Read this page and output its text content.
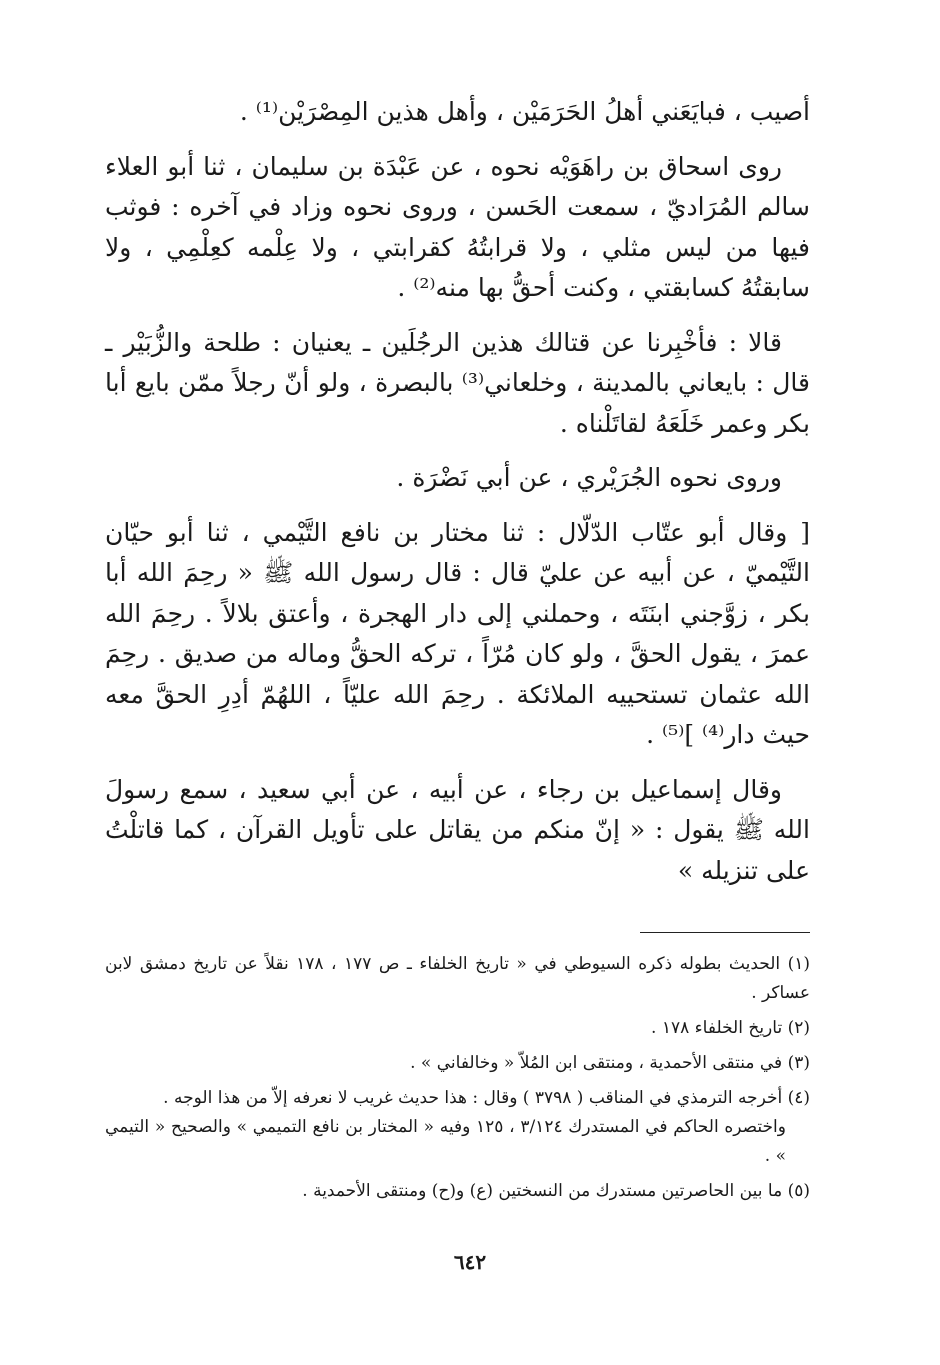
أصيب ، فبايَعَني أهلُ الحَرَمَيْن ، وأهل هذين المِصْرَيْن⁽¹⁾ .

روى اسحاق بن راهَوَيْه نحوه ، عن عَبْدَة بن سليمان ، ثنا أبو العلاء سالم المُرَاديّ ، سمعت الحَسن ، وروى نحوه وزاد في آخره : فوثب فيها من ليس مثلي ، ولا قرابتُهُ كقرابتي ، ولا عِلْمه كعِلْمِي ، ولا سابقتُهُ كسابقتي ، وكنت أحقُّ بها منه⁽²⁾ .

قالا : فأخْبِرنا عن قتالك هذين الرجُلَين ـ يعنيان : طلحة والزُّبَيْر ـ قال : بايعاني بالمدينة ، وخلعاني⁽³⁾ بالبصرة ، ولو أنّ رجلاً ممّن بايع أبا بكر وعمر خَلَعَهُ لقاتَلْناه .

وروى نحوه الجُرَيْري ، عن أبي نَضْرَة .

[ وقال أبو عتّاب الدّلّال : ثنا مختار بن نافع التَّيْمي ، ثنا أبو حيّان التَّيْميّ ، عن أبيه عن عليّ قال : قال رسول الله ﷺ « رحِمَ الله أبا بكر ، زوَّجني ابنَتَه ، وحملني إلى دار الهجرة ، وأعتق بلالاً . رحِمَ الله عمرَ ، يقول الحقَّ ، ولو كان مُرّاً ، تركه الحقُّ وماله من صديق . رحِمَ الله عثمان تستحييه الملائكة . رحِمَ الله عليّاً ، اللهُمّ أدِرِ الحقَّ معه حيث دار⁽⁴⁾ ]⁽⁵⁾ .

وقال إسماعيل بن رجاء ، عن أبيه ، عن أبي سعيد ، سمع رسولَ الله ﷺ يقول : « إنّ منكم من يقاتل على تأويل القرآن ، كما قاتلْتُ على تنزيله »

(١) الحديث بطوله ذكره السيوطي في « تاريخ الخلفاء ـ ص ١٧٧ ، ١٧٨ نقلاً عن تاريخ دمشق لابن عساكر .

(٢) تاريخ الخلفاء ١٧٨ .

(٣) في منتقى الأحمدية ، ومنتقى ابن المُلاّ « وخالفاني » .

(٤) أخرجه الترمذي في المناقب ( ٣٧٩٨ ) وقال : هذا حديث غريب لا نعرفه إلاّ من هذا الوجه .

واختصره الحاكم في المستدرك ٣/١٢٤ ، ١٢٥ وفيه « المختار بن نافع التميمي » والصحيح « التيمي » .

(٥) ما بين الحاصرتين مستدرك من النسختين (ع) و(ح) ومنتقى الأحمدية .

٦٤٢
